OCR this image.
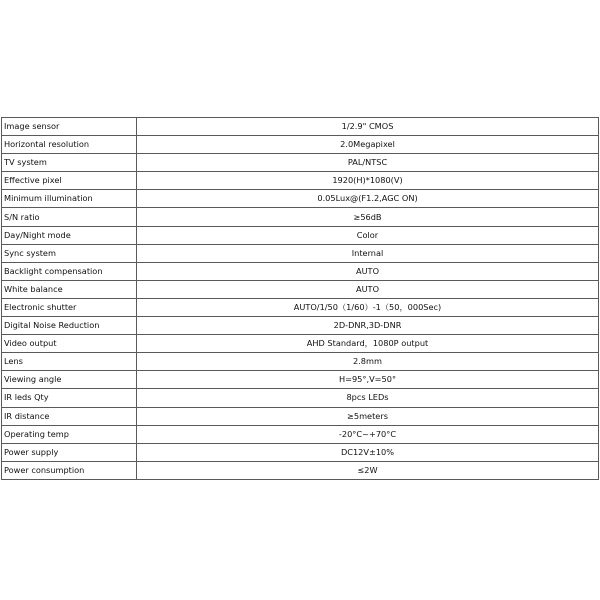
Image sensor	1/2.9" CMOS
Horizontal resolution	2.0Megapixel
TV system	PAL/NTSC
Effective pixel	1920(H)*1080(V)
Minimum illumination	0.05Lux@(F1.2,AGC ON)
S/N ratio	≥56dB
Day/Night mode	Color
Sync system	Internal
Backlight compensation	AUTO
White balance	AUTO
Electronic shutter	AUTO/1/50（1/60）-1（50，000Sec)
Digital Noise Reduction	2D-DNR,3D-DNR
Video output	AHD Standard，1080P output
Lens	2.8mm
Viewing angle	H=95°,V=50°
IR leds Qty	8pcs LEDs
IR distance	≥5meters
Operating temp	-20°C~+70°C
Power supply	DC12V±10%
Power consumption	≤2W
